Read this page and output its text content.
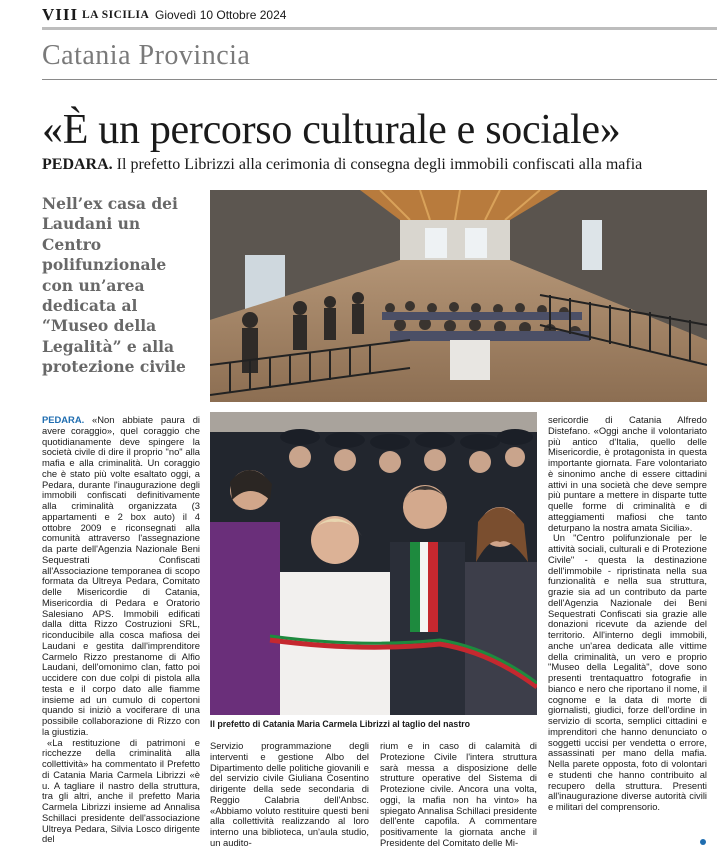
VIII LA SICILIA Giovedì 10 Ottobre 2024
Catania Provincia
«È un percorso culturale e sociale»
PEDARA. Il prefetto Librizzi alla cerimonia di consegna degli immobili confiscati alla mafia
Nell’ex casa dei Laudani un Centro polifunzionale con un’area dedicata al “Museo della Legalità” e alla protezione civile
Il prefetto di Catania Maria Carmela Librizzi al taglio del nastro

PEDARA. «Non abbiate paura di avere coraggio», quel coraggio che quotidianamente deve spingere la società civile di dire il proprio "no" alla mafia e alla criminalità. Un coraggio che è stato più volte esaltato oggi, a Pedara, durante l'inaugurazione degli immobili confiscati definitivamente alla criminalità organizzata (3 appartamenti e 2 box auto) il 4 ottobre 2009 e riconsegnati alla comunità attraverso l'assegnazione da parte dell'Agenzia Nazionale Beni Sequestrati Confiscati all'Associazione temporanea di scopo formata da Ultreya Pedara, Comitato delle Misericordie di Catania, Misericordia di Pedara e Oratorio Salesiano APS. Immobili edificati dalla ditta Rizzo Costruzioni SRL, riconducibile alla cosca mafiosa dei Laudani e gestita dall'imprenditore Carmelo Rizzo prestanome di Alfio Laudani, dell'omonimo clan, fatto poi uccidere con due colpi di pistola alla testa e il corpo dato alle fiamme insieme ad un cumulo di copertoni quando si iniziò a vociferare di una possibile collaborazione di Rizzo con la giustizia.

«La restituzione di patrimoni e ricchezze della criminalità alla collettività» ha commentato il Prefetto di Catania Maria Carmela Librizzi «è u. A tagliare il nastro della struttura, tra gli altri, anche il prefetto Maria Carmela Librizzi insieme ad Annalisa Schillaci presidente dell'associazione Ultreya Pedara, Silvia Losco dirigente del

Servizio programmazione degli interventi e gestione Albo del Dipartimento delle politiche giovanili e del servizio civile Giuliana Cosentino dirigente della sede secondaria di Reggio Calabria dell'Anbsc. «Abbiamo voluto restituire questi beni alla collettività realizzando al loro interno una biblioteca, un'aula studio, un audito-

rium e in caso di calamità di Protezione Civile l'intera struttura sarà messa a disposizione delle strutture operative del Sistema di Protezione civile. Ancora una volta, oggi, la mafia non ha vinto» ha spiegato Annalisa Schillaci presidente dell'ente capofila. A commentare positivamente la giornata anche il Presidente del Comitato delle Mi-

sericordie di Catania Alfredo Distefano. «Oggi anche il volontariato più antico d'Italia, quello delle Misericordie, è protagonista in questa importante giornata. Fare volontariato è sinonimo anche di essere cittadini attivi in una società che deve sempre più puntare a mettere in disparte tutte quelle forme di criminalità e di atteggiamenti mafiosi che tanto deturpano la nostra amata Sicilia».

Un "Centro polifunzionale per le attività sociali, culturali e di Protezione Civile" - questa la destinazione dell'immobile - ripristinata nella sua funzionalità e nella sua struttura, grazie sia ad un contributo da parte dell'Agenzia Nazionale dei Beni Sequestrati Confiscati sia grazie alle donazioni ricevute da aziende del territorio. All'interno degli immobili, anche un'area dedicata alle vittime della criminalità, un vero e proprio "Museo della Legalità", dove sono presenti trentaquattro fotografie in bianco e nero che riportano il nome, il cognome e la data di morte di giornalisti, giudici, forze dell'ordine in servizio di scorta, semplici cittadini e imprenditori che hanno denunciato o soggetti uccisi per vendetta o errore, assassinati per mano della mafia. Nella parete opposta, foto di volontari e studenti che hanno contribuito al recupero della struttura. Presenti all'inaugurazione diverse autorità civili e militari del comprensorio.
